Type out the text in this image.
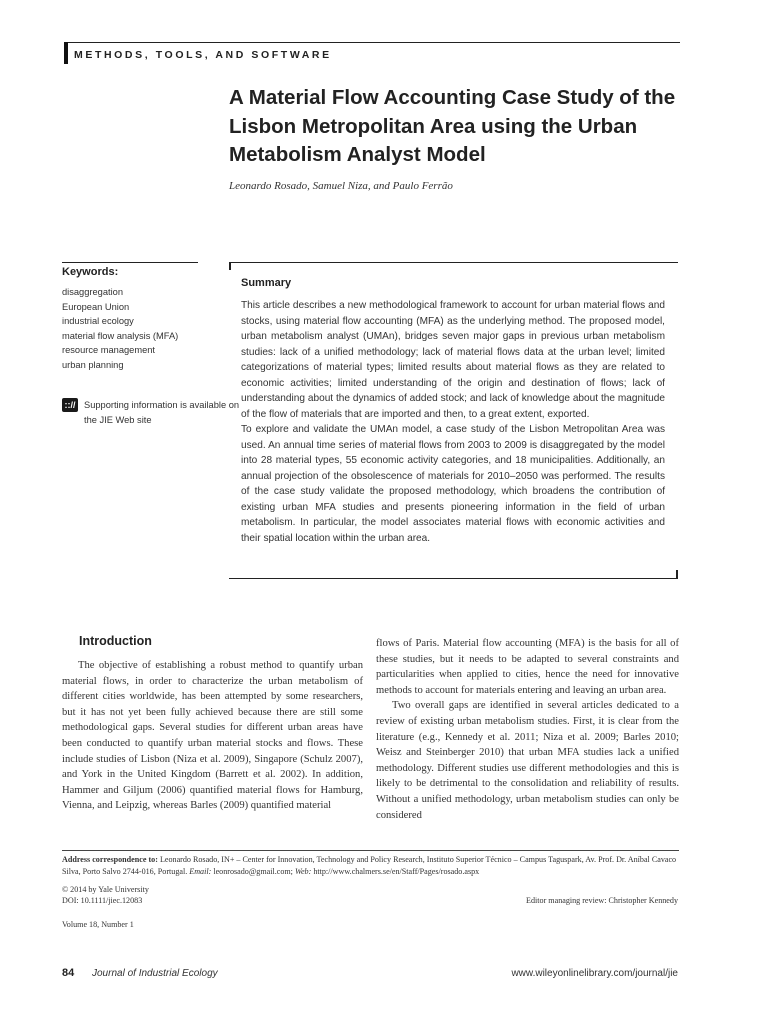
METHODS, TOOLS, AND SOFTWARE
A Material Flow Accounting Case Study of the Lisbon Metropolitan Area using the Urban Metabolism Analyst Model
Leonardo Rosado, Samuel Niza, and Paulo Ferrão
Keywords:
disaggregation
European Union
industrial ecology
material flow analysis (MFA)
resource management
urban planning
::// Supporting information is available on the JIE Web site
Summary

This article describes a new methodological framework to account for urban material flows and stocks, using material flow accounting (MFA) as the underlying method. The proposed model, urban metabolism analyst (UMAn), bridges seven major gaps in previous urban metabolism studies: lack of a unified methodology; lack of material flows data at the urban level; limited categorizations of material types; limited results about material flows as they are related to economic activities; limited understanding of the origin and destination of flows; lack of understanding about the dynamics of added stock; and lack of knowledge about the magnitude of the flow of materials that are imported and then, to a great extent, exported.

To explore and validate the UMAn model, a case study of the Lisbon Metropolitan Area was used. An annual time series of material flows from 2003 to 2009 is disaggregated by the model into 28 material types, 55 economic activity categories, and 18 municipalities. Additionally, an annual projection of the obsolescence of materials for 2010–2050 was performed. The results of the case study validate the proposed methodology, which broadens the contribution of existing urban MFA studies and presents pioneering information in the field of urban metabolism. In particular, the model associates material flows with economic activities and their spatial location within the urban area.

Introduction

The objective of establishing a robust method to quantify urban material flows, in order to characterize the urban metabolism of different cities worldwide, has been attempted by some researchers, but it has not yet been fully achieved because there are still some methodological gaps. Several studies for different urban areas have been conducted to quantify urban material stocks and flows. These include studies of Lisbon (Niza et al. 2009), Singapore (Schulz 2007), and York in the United Kingdom (Barrett et al. 2002). In addition, Hammer and Giljum (2006) quantified material flows for Hamburg, Vienna, and Leipzig, whereas Barles (2009) quantified material

flows of Paris. Material flow accounting (MFA) is the basis for all of these studies, but it needs to be adapted to several constraints and particularities when applied to cities, hence the need for innovative methods to account for materials entering and leaving an urban area.

Two overall gaps are identified in several articles dedicated to a review of existing urban metabolism studies. First, it is clear from the literature (e.g., Kennedy et al. 2011; Niza et al. 2009; Barles 2010; Weisz and Steinberger 2010) that urban MFA studies lack a unified methodology. Different studies use different methodologies and this is likely to be detrimental to the consolidation and reliability of results. Without a unified methodology, urban metabolism studies can only be considered

Address correspondence to: Leonardo Rosado, IN+ – Center for Innovation, Technology and Policy Research, Instituto Superior Técnico – Campus Taguspark, Av. Prof. Dr. Aníbal Cavaco Silva, Porto Salvo 2744-016, Portugal. Email: leonrosado@gmail.com; Web: http://www.chalmers.se/en/Staff/Pages/rosado.aspx
© 2014 by Yale University
DOI: 10.1111/jiec.12083	Editor managing review: Christopher Kennedy
Volume 18, Number 1
84 Journal of Industrial Ecology	www.wileyonlinelibrary.com/journal/jie
